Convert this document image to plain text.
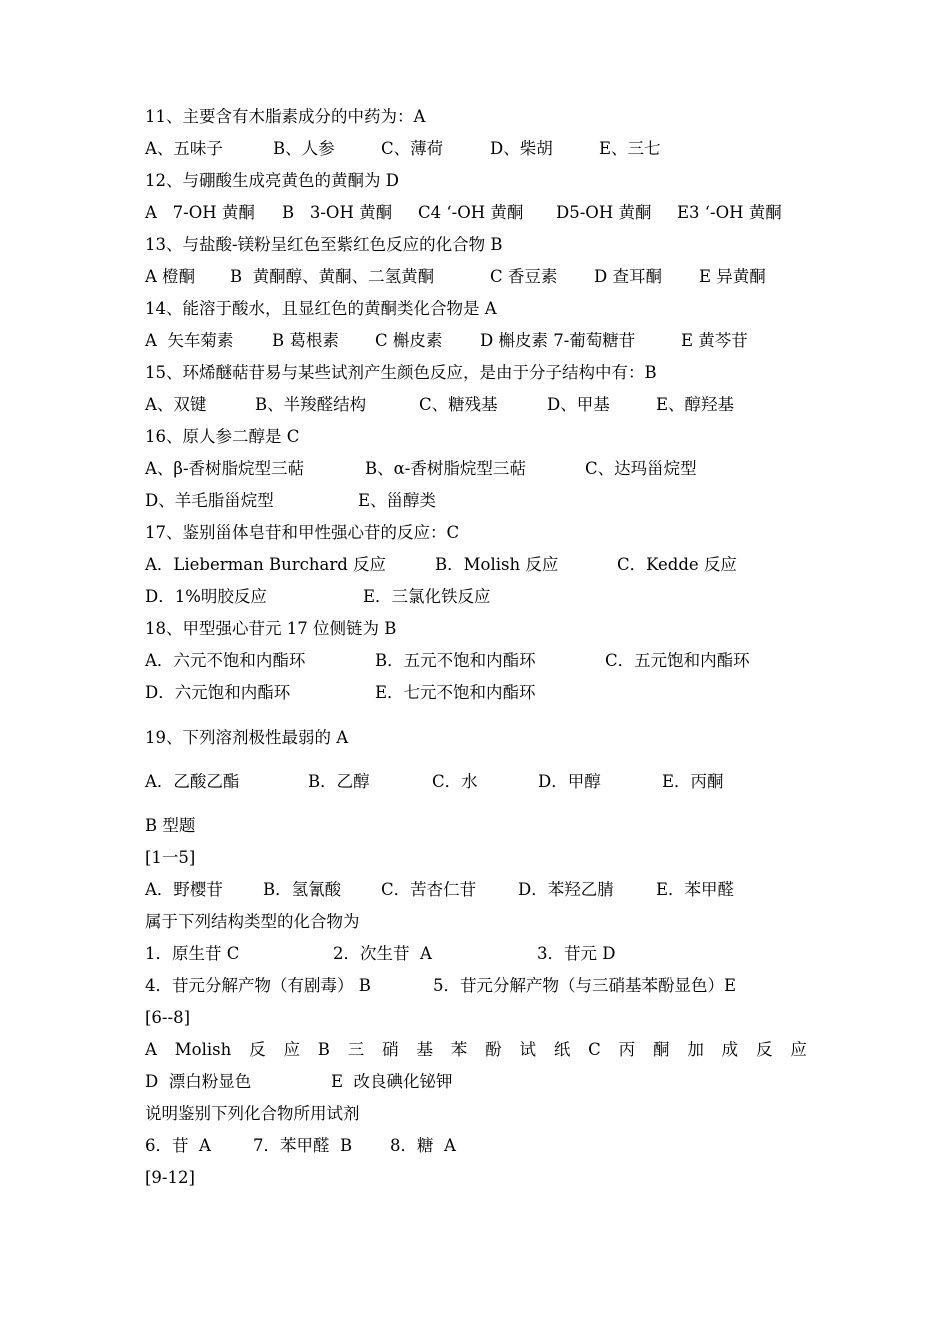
11、主要含有木脂素成分的中药为：A
A、五味子	B、人参	C、薄荷	D、柴胡	E、三七
12、与硼酸生成亮黄色的黄酮为 D
A   7-OH 黄酮 B   3-OH 黄酮 C4 ‘-OH 黄酮 D5-OH 黄酮 E3 ‘-OH 黄酮
13、与盐酸-镁粉呈红色至紫红色反应的化合物 B
A 橙酮 B  黄酮醇、黄酮、二氢黄酮	C 香豆素 D 查耳酮 E 异黄酮
14、能溶于酸水，且显红色的黄酮类化合物是 A
A  矢车菊素 B 葛根素 C 槲皮素 D 槲皮素 7-葡萄糖苷	E 黄芩苷
15、环烯醚萜苷易与某些试剂产生颜色反应，是由于分子结构中有：B
A、双键	B、半羧醛结构	C、糖残基	D、甲基	E、醇羟基
16、原人参二醇是 C
A、β-香树脂烷型三萜	B、α-香树脂烷型三萜	C、达玛甾烷型
D、羊毛脂甾烷型	E、甾醇类
17、鉴别甾体皂苷和甲性强心苷的反应：C
A．Lieberman Burchard 反应	B．Molish 反应	C．Kedde 反应
D．1%明胶反应	E．三氯化铁反应
18、甲型强心苷元 17 位侧链为 B
A．六元不饱和内酯环	B．五元不饱和内酯环	C．五元饱和内酯环
D．六元饱和内酯环	E．七元不饱和内酯环
19、下列溶剂极性最弱的 A
A．乙酸乙酯	B．乙醇	C．水	D．甲醇	E．丙酮
B 型题
[1一5]
A．野樱苷 B．氢氰酸 C．苦杏仁苷	D．苯羟乙腈	E．苯甲醛
属于下列结构类型的化合物为
1．原生苷 C	2．次生苷  A	3．苷元 D
4．苷元分解产物（有剧毒） B	5．苷元分解产物（与三硝基苯酚显色）E
[6--8]
A Molish 反 应 B 三 硝 基 苯 酚 试 纸 C 丙 酮 加 成 反 应
D  漂白粉显色	E  改良碘化铋钾
说明鉴别下列化合物所用试剂
6．苷  A	7．苯甲醛  B 8．糖  A
[9-12]
